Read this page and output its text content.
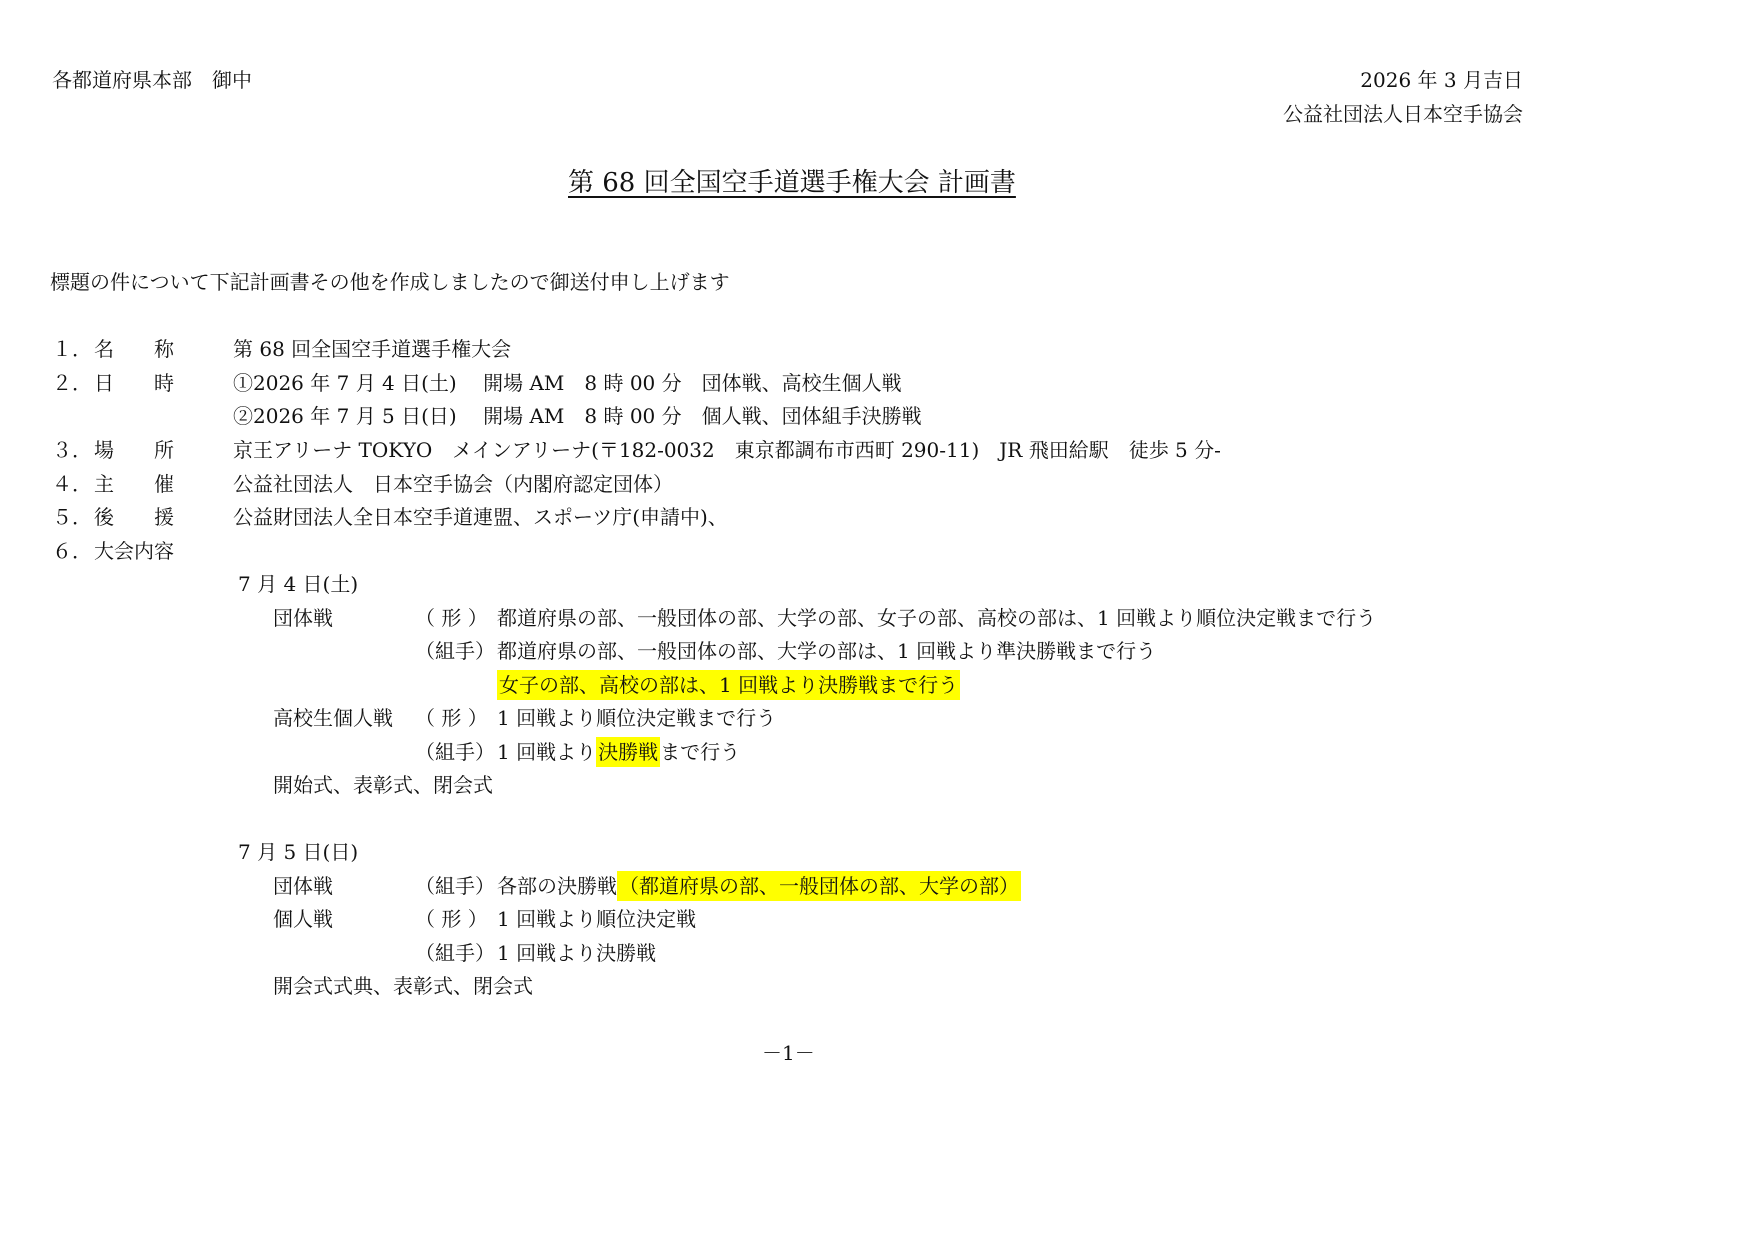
各都道府県本部　御中	2026 年 3 月吉日
公益社団法人日本空手協会
第 68 回全国空手道選手権大会 計画書
標題の件について下記計画書その他を作成しましたので御送付申し上げます
１． 名　　称	第 68 回全国空手道選手権大会
２． 日　　時	①2026 年 7 月 4 日(土)　 開場 AM　8 時 00 分　団体戦、高校生個人戦
②2026 年 7 月 5 日(日)　 開場 AM　8 時 00 分　個人戦、団体組手決勝戦
３． 場　　所	京王アリーナ TOKYO　メインアリーナ(〒182-0032　東京都調布市西町 290‐11)　JR 飛田給駅　徒歩 5 分‐
４． 主　　催	公益社団法人　日本空手協会（内閣府認定団体）
５． 後　　援	公益財団法人全日本空手道連盟、スポーツ庁(申請中)、
６． 大会内容
7 月 4 日(土)
団体戦	（ 形 ） 都道府県の部、一般団体の部、大学の部、女子の部、高校の部は、1 回戦より順位決定戦まで行う
（組手） 都道府県の部、一般団体の部、大学の部は、1 回戦より準決勝戦まで行う
女子の部、高校の部は、1 回戦より決勝戦まで行う
高校生個人戦 （ 形 ） 1 回戦より順位決定戦まで行う
（組手） 1 回戦より 決勝戦 まで行う
開始式、表彰式、閉会式
7 月 5 日(日)
団体戦	（組手） 各部の決勝戦 （都道府県の部、一般団体の部、大学の部）
個人戦	（ 形 ） 1 回戦より順位決定戦
（組手） 1 回戦より決勝戦
開会式式典、表彰式、閉会式
－1－
